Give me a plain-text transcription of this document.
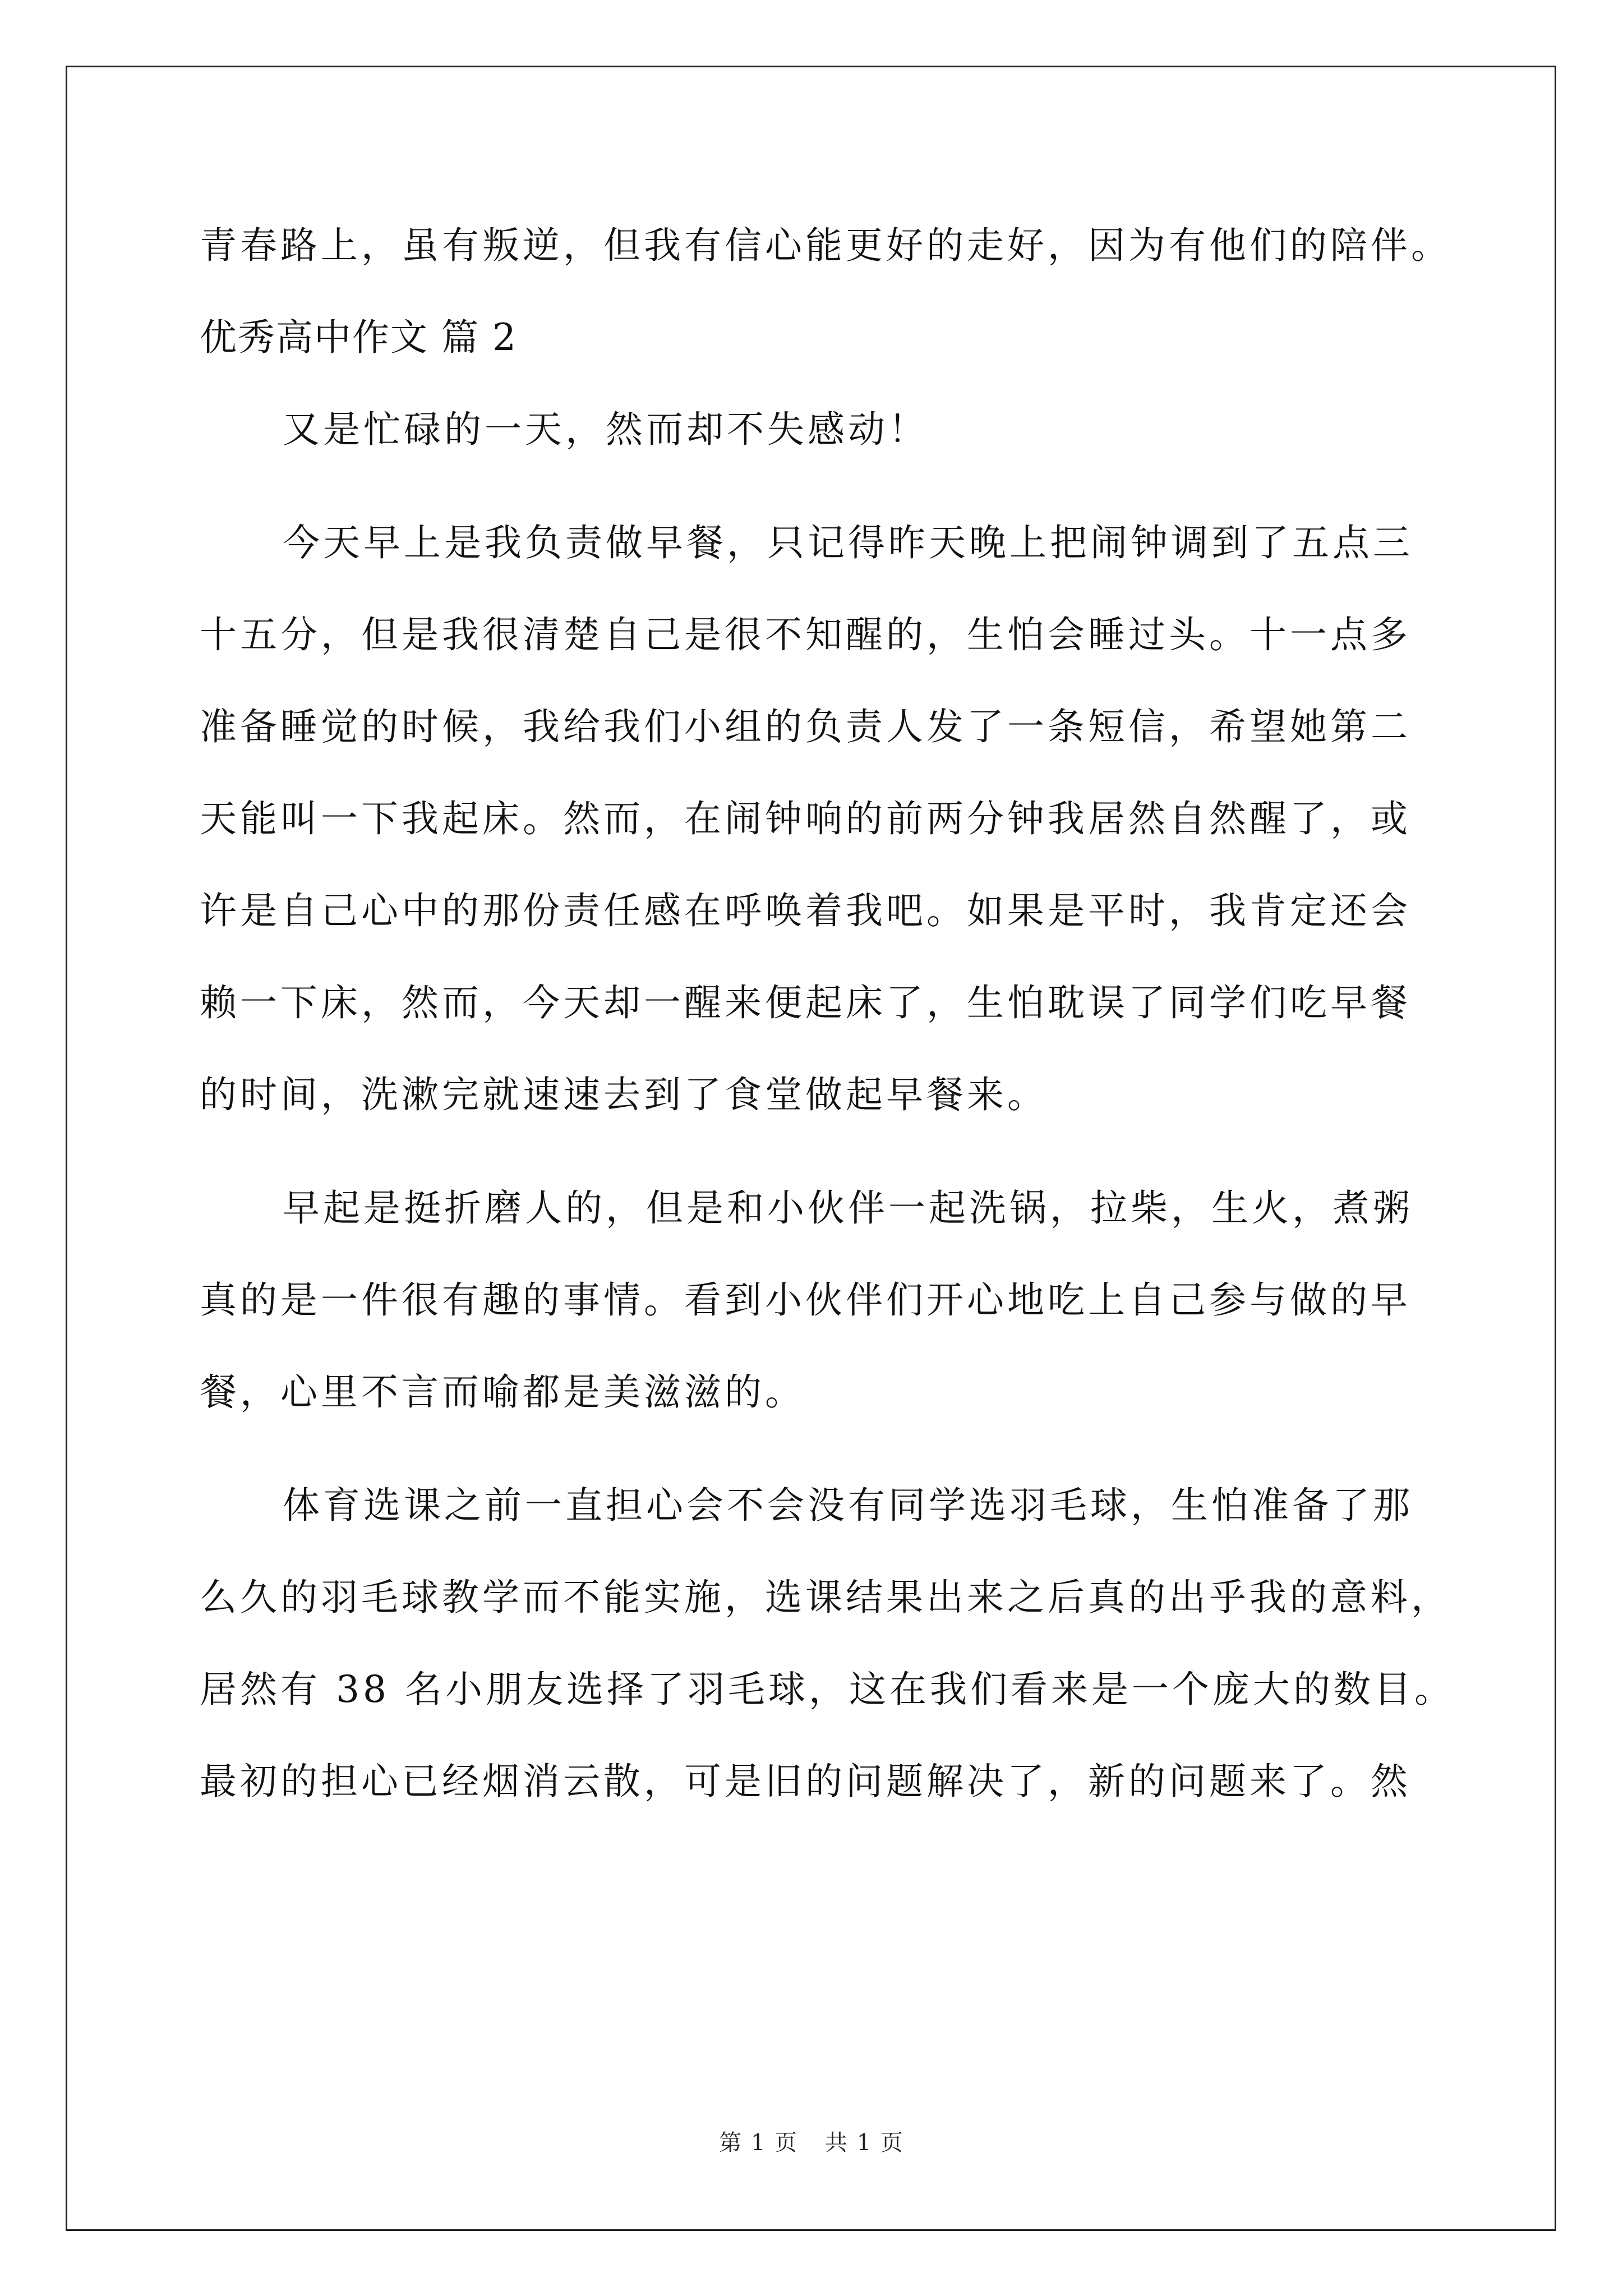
青春路上，虽有叛逆，但我有信心能更好的走好，因为有他们的陪伴。
优秀高中作文 篇 2
又是忙碌的一天，然而却不失感动！
今天早上是我负责做早餐，只记得昨天晚上把闹钟调到了五点三
十五分，但是我很清楚自己是很不知醒的，生怕会睡过头。十一点多
准备睡觉的时候，我给我们小组的负责人发了一条短信，希望她第二
天能叫一下我起床。然而，在闹钟响的前两分钟我居然自然醒了，或
许是自己心中的那份责任感在呼唤着我吧。如果是平时，我肯定还会
赖一下床，然而，今天却一醒来便起床了，生怕耽误了同学们吃早餐
的时间，洗漱完就速速去到了食堂做起早餐来。
早起是挺折磨人的，但是和小伙伴一起洗锅，拉柴，生火，煮粥
真的是一件很有趣的事情。看到小伙伴们开心地吃上自己参与做的早
餐，心里不言而喻都是美滋滋的。
体育选课之前一直担心会不会没有同学选羽毛球，生怕准备了那
么久的羽毛球教学而不能实施，选课结果出来之后真的出乎我的意料，
居然有 38 名小朋友选择了羽毛球，这在我们看来是一个庞大的数目。
最初的担心已经烟消云散，可是旧的问题解决了，新的问题来了。然
第 1 页 共 1 页
